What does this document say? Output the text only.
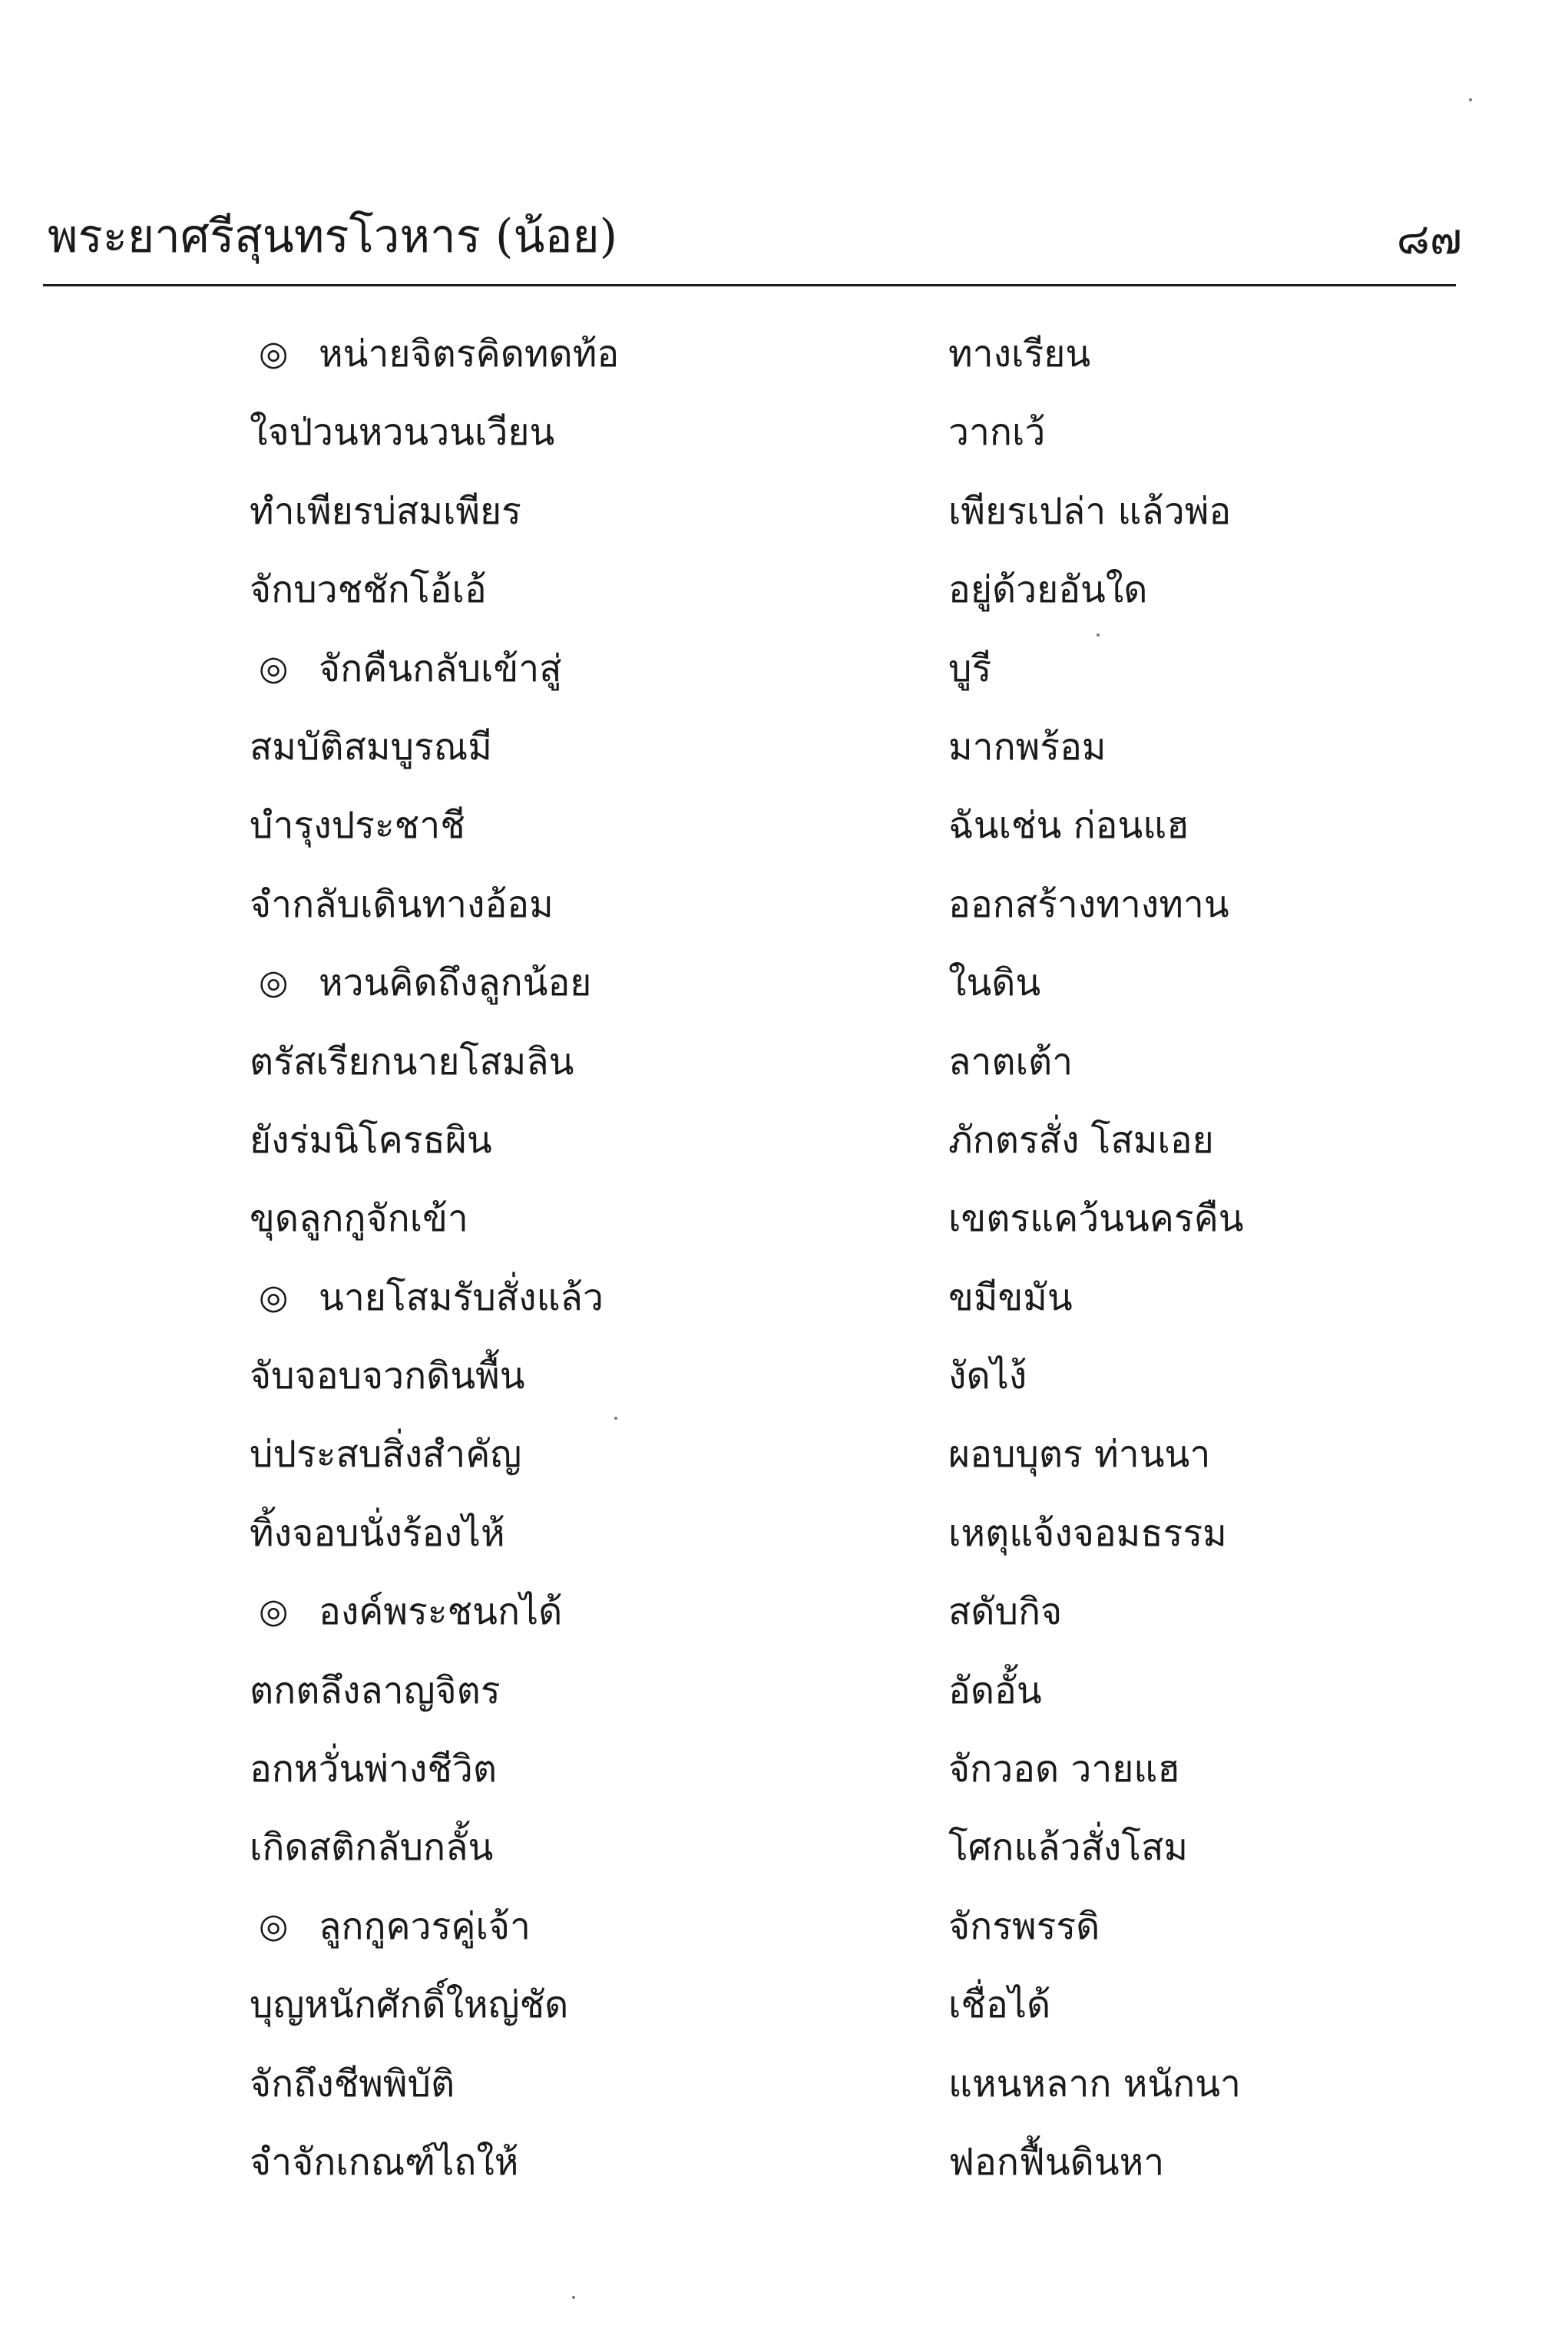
พระยาศรีสุนทรโวหาร (น้อย)	๘๗
◎ หน่ายจิตรคิดทดท้อ	ทางเรียน
ใจป่วนหวนวนเวียน	วากเว้
ทำเพียรบ่สมเพียร	เพียรเปล่า แล้วพ่อ
จักบวชชักโอ้เอ้	อยู่ด้วยอันใด
◎ จักคืนกลับเข้าสู่	บูรี
สมบัติสมบูรณมี	มากพร้อม
บำรุงประชาชี	ฉันเช่น ก่อนแฮ
จำกลับเดินทางอ้อม	ออกสร้างทางทาน
◎ หวนคิดถึงลูกน้อย	ในดิน
ตรัสเรียกนายโสมลิน	ลาตเต้า
ยังร่มนิโครธผิน	ภักตรสั่ง โสมเอย
ขุดลูกกูจักเข้า	เขตรแคว้นนครคืน
◎ นายโสมรับสั่งแล้ว	ขมีขมัน
จับจอบจวกดินพื้น	งัดไง้
บ่ประสบสิ่งสำคัญ	ผอบบุตร ท่านนา
ทิ้งจอบนั่งร้องไห้	เหตุแจ้งจอมธรรม
◎ องค์พระชนกได้	สดับกิจ
ตกตลึงลาญจิตร	อัดอั้น
อกหวั่นพ่างชีวิต	จักวอด วายแฮ
เกิดสติกลับกลั้น	โศกแล้วสั่งโสม
◎ ลูกกูควรคู่เจ้า	จักรพรรดิ
บุญหนักศักดิ์ใหญ่ชัด	เชื่อได้
จักถึงชีพพิบัติ	แหนหลาก หนักนา
จำจักเกณฑ์ไถให้	ฟอกฟื้นดินหา
